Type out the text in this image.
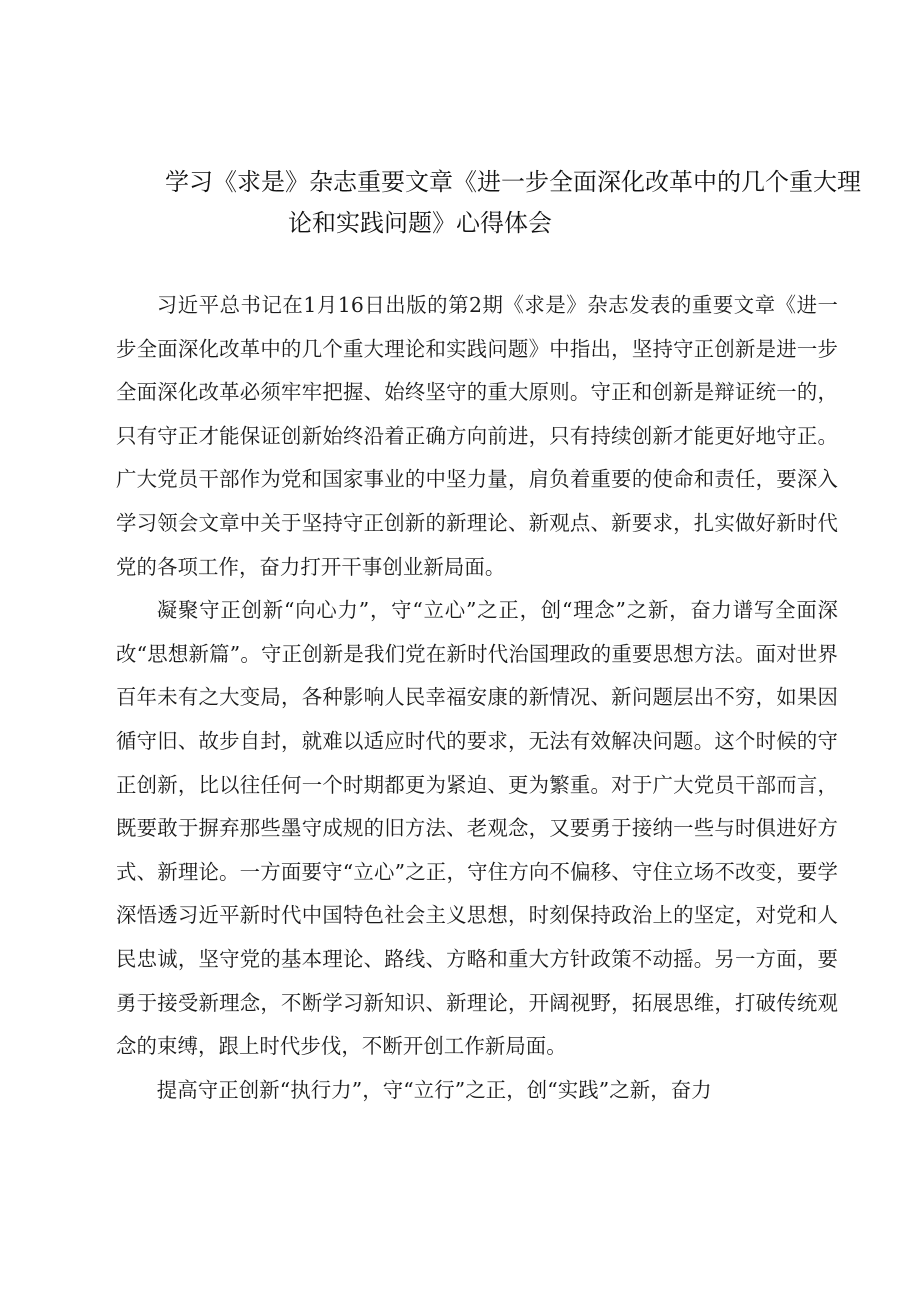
学习《求是》杂志重要文章《进一步全面深化改革中的几个重大理
论和实践问题》心得体会

习近平总书记在1月16日出版的第2期《求是》杂志发表的重要文章《进一步全面深化改革中的几个重大理论和实践问题》中指出，坚持守正创新是进一步全面深化改革必须牢牢把握、始终坚守的重大原则。守正和创新是辩证统一的，只有守正才能保证创新始终沿着正确方向前进，只有持续创新才能更好地守正。广大党员干部作为党和国家事业的中坚力量，肩负着重要的使命和责任，要深入学习领会文章中关于坚持守正创新的新理论、新观点、新要求，扎实做好新时代党的各项工作，奋力打开干事创业新局面。

凝聚守正创新“向心力”，守“立心”之正，创“理念”之新，奋力谱写全面深改“思想新篇”。守正创新是我们党在新时代治国理政的重要思想方法。面对世界百年未有之大变局，各种影响人民幸福安康的新情况、新问题层出不穷，如果因循守旧、故步自封，就难以适应时代的要求，无法有效解决问题。这个时候的守正创新，比以往任何一个时期都更为紧迫、更为繁重。对于广大党员干部而言，既要敢于摒弃那些墨守成规的旧方法、老观念，又要勇于接纳一些与时俱进好方式、新理论。一方面要守“立心”之正，守住方向不偏移、守住立场不改变，要学深悟透习近平新时代中国特色社会主义思想，时刻保持政治上的坚定，对党和人民忠诚，坚守党的基本理论、路线、方略和重大方针政策不动摇。另一方面，要勇于接受新理念，不断学习新知识、新理论，开阔视野，拓展思维，打破传统观念的束缚，跟上时代步伐，不断开创工作新局面。

提高守正创新“执行力”，守“立行”之正，创“实践”之新，奋力
